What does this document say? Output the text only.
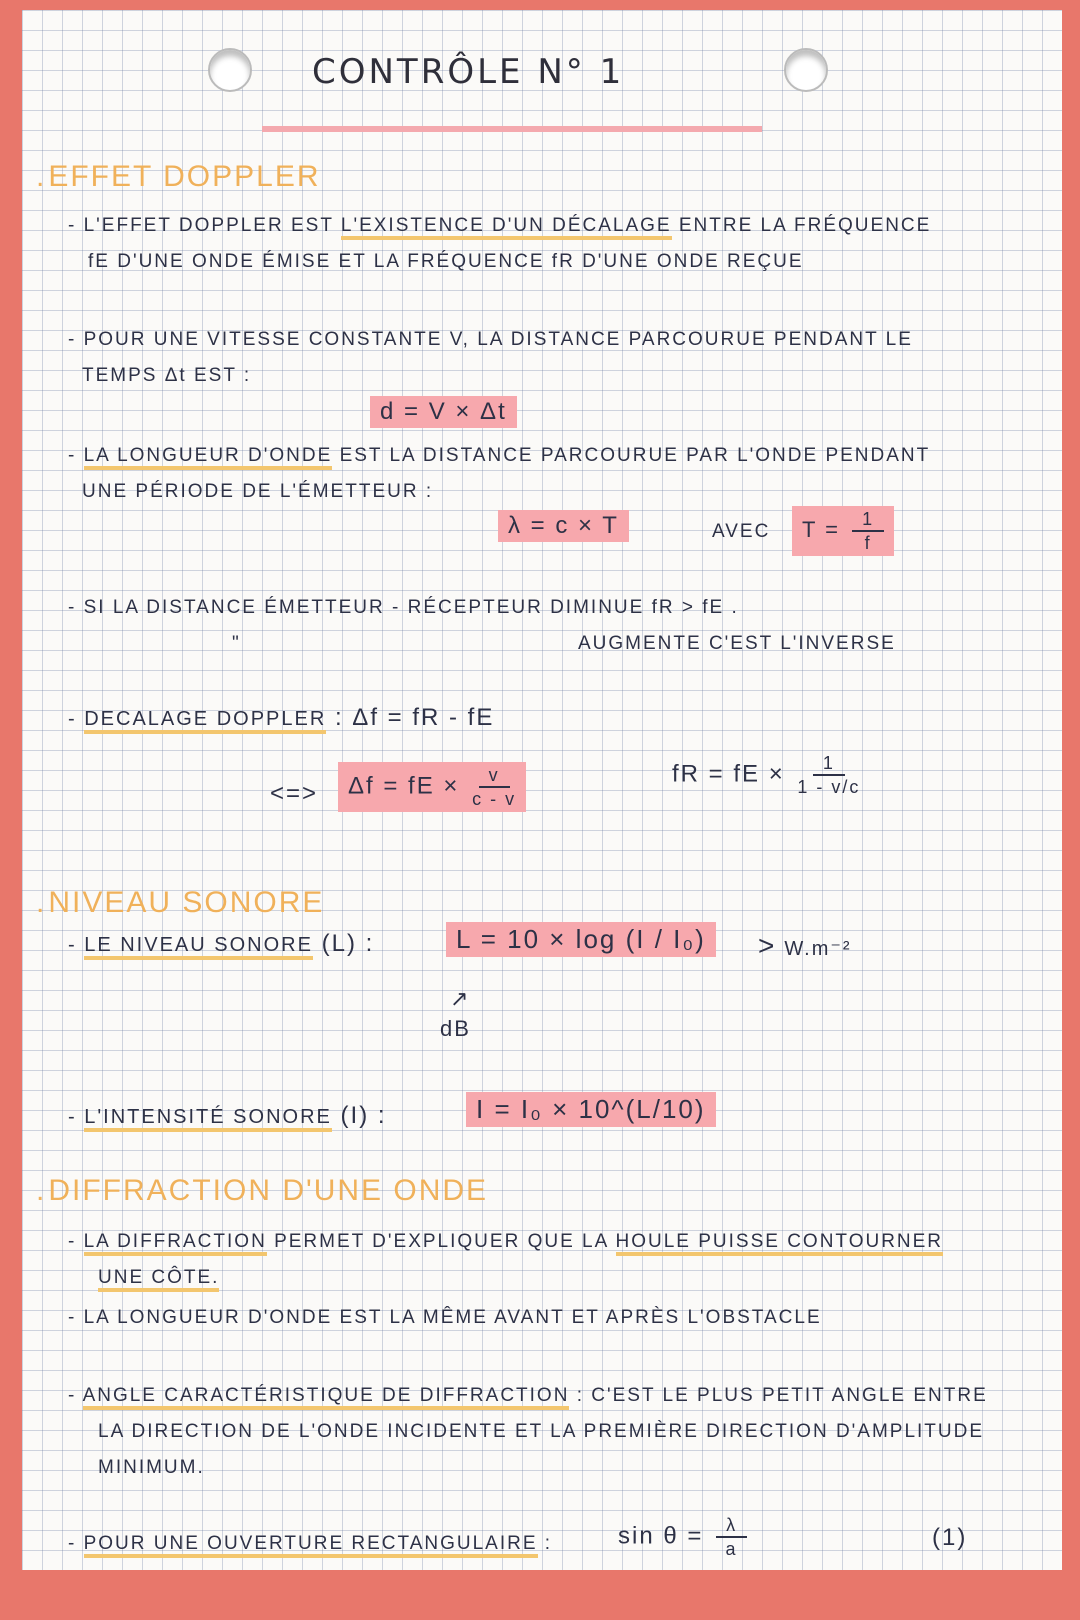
CONTRÔLE N° 1
. EFFET DOPPLER
- L'EFFET DOPPLER EST L'EXISTENCE D'UN DÉCALAGE ENTRE LA FRÉQUENCE
fE D'UNE ONDE ÉMISE ET LA FRÉQUENCE fR D'UNE ONDE REÇUE
- POUR UNE VITESSE CONSTANTE V, LA DISTANCE PARCOURUE PENDANT LE
TEMPS Δt EST :
d = V × Δt
- LA LONGUEUR D'ONDE EST LA DISTANCE PARCOURUE PAR L'ONDE PENDANT
UNE PÉRIODE DE L'ÉMETTEUR :
λ = c × T	AVEC	$T = \frac{1}{f}$
- SI LA DISTANCE ÉMETTEUR - RÉCEPTEUR DIMINUE fR > fE .
"	AUGMENTE C'EST L'INVERSE
- DECALAGE DOPPLER : Δf = fR - fE
<=>	Δf = fE × $\frac{v}{c - v}$	fR = fE × $\frac{1}{1 - v/c}$
. NIVEAU SONORE
- LE NIVEAU SONORE (L) :	L = 10 × log (I / I₀)	> W.m⁻²
dB
↗
- L'INTENSITÉ SONORE (I) :	I = I₀ × 10^(L/10)
. DIFFRACTION D'UNE ONDE
- LA DIFFRACTION PERMET D'EXPLIQUER QUE LA HOULE PUISSE CONTOURNER
UNE CÔTE.
- LA LONGUEUR D'ONDE EST LA MÊME AVANT ET APRÈS L'OBSTACLE
- ANGLE CARACTÉRISTIQUE DE DIFFRACTION : C'EST LE PLUS PETIT ANGLE ENTRE
LA DIRECTION DE L'ONDE INCIDENTE ET LA PREMIÈRE DIRECTION D'AMPLITUDE
MINIMUM.
- POUR UNE OUVERTURE RECTANGULAIRE :	$\sin \theta = \frac{\lambda}{a}$	(1)
